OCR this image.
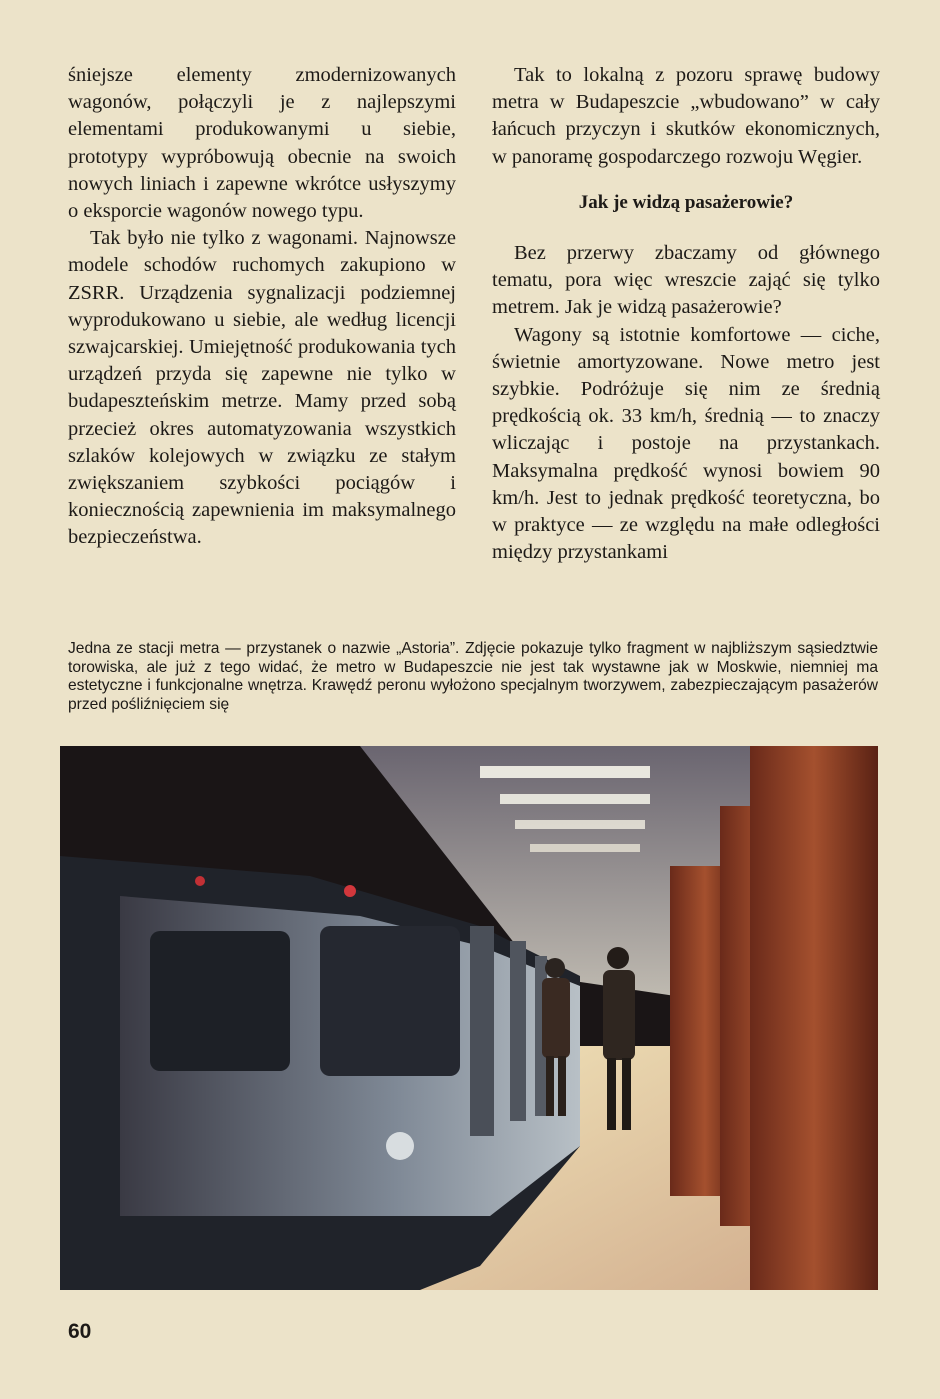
śniejsze elementy zmodernizowanych wagonów, połączyli je z najlepszymi elementami produkowanymi u siebie, prototypy wypróbowują obecnie na swoich nowych liniach i zapewne wkrótce usłyszymy o eksporcie wagonów nowego typu.

Tak było nie tylko z wagonami. Najnowsze modele schodów ruchomych zakupiono w ZSRR. Urządzenia sygnalizacji podziemnej wyprodukowano u siebie, ale według licencji szwajcarskiej. Umiejętność produkowania tych urządzeń przyda się zapewne nie tylko w budapeszteńskim metrze. Mamy przed sobą przecież okres automatyzowania wszystkich szlaków kolejowych w związku ze stałym zwiększaniem szybkości pociągów i koniecznością zapewnienia im maksymalnego bezpieczeństwa.

Tak to lokalną z pozoru sprawę budowy metra w Budapeszcie „wbudowano” w cały łańcuch przyczyn i skutków ekonomicznych, w panoramę gospodarczego rozwoju Węgier.

Jak je widzą pasażerowie?

Bez przerwy zbaczamy od głównego tematu, pora więc wreszcie zająć się tylko metrem. Jak je widzą pasażerowie?

Wagony są istotnie komfortowe — ciche, świetnie amortyzowane. Nowe metro jest szybkie. Podróżuje się nim ze średnią prędkością ok. 33 km/h, średnią — to znaczy wliczając i postoje na przystankach. Maksymalna prędkość wynosi bowiem 90 km/h. Jest to jednak prędkość teoretyczna, bo w praktyce — ze względu na małe odległości między przystankami

Jedna ze stacji metra — przystanek o nazwie „Astoria”. Zdjęcie pokazuje tylko fragment w najbliższym sąsiedztwie torowiska, ale już z tego widać, że metro w Budapeszcie nie jest tak wystawne jak w Moskwie, niemniej ma estetyczne i funkcjonalne wnętrza. Krawędź peronu wyłożono specjalnym tworzywem, zabezpieczającym pasażerów przed pośliźnięciem się
60
